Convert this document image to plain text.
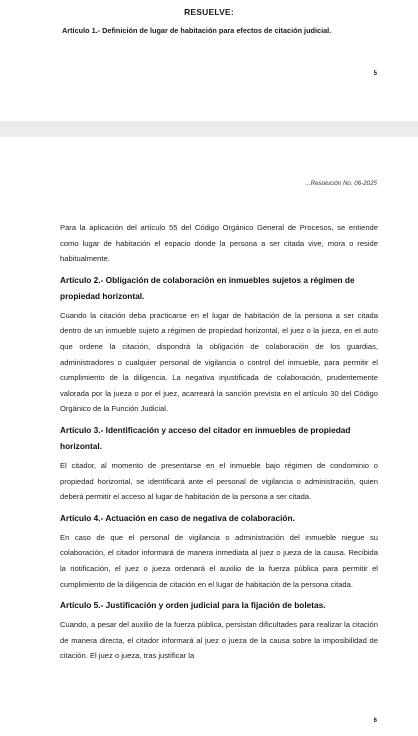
RESUELVE:
Artículo 1.- Definición de lugar de habitación para efectos de citación judicial.
5
...Resolución No. 06-2025

Para la aplicación del artículo 55 del Código Orgánico General de Procesos, se entiende como lugar de habitación el espacio donde la persona a ser citada vive, mora o reside habitualmente.

Artículo 2.- Obligación de colaboración en inmuebles sujetos a régimen de propiedad horizontal.

Cuando la citación deba practicarse en el lugar de habitación de la persona a ser citada dentro de un inmueble sujeto a régimen de propiedad horizontal, el juez o la jueza, en el auto que ordene la citación, dispondrá la obligación de colaboración de los guardias, administradores o cualquier personal de vigilancia o control del inmueble, para permitir el cumplimiento de la diligencia. La negativa injustificada de colaboración, prudentemente valorada por la jueza o por el juez, acarreará la sanción prevista en el artículo 30 del Código Orgánico de la Función Judicial.

Artículo 3.- Identificación y acceso del citador en inmuebles de propiedad horizontal.

El citador, al momento de presentarse en el inmueble bajo régimen de condominio o propiedad horizontal, se identificará ante el personal de vigilancia o administración, quien deberá permitir el acceso al lugar de habitación de la persona a ser citada.

Artículo 4.- Actuación en caso de negativa de colaboración.

En caso de que el personal de vigilancia o administración del inmueble niegue su colaboración, el citador informará de manera inmediata al juez o jueza de la causa. Recibida la notificación, el juez o jueza ordenará el auxilio de la fuerza pública para permitir el cumplimiento de la diligencia de citación en el lugar de habitación de la persona citada.

Artículo 5.- Justificación y orden judicial para la fijación de boletas.

Cuando, a pesar del auxilio de la fuerza pública, persistan dificultades para realizar la citación de manera directa, el citador informará al juez o jueza de la causa sobre la imposibilidad de citación. El juez o jueza, tras justificar la

6
